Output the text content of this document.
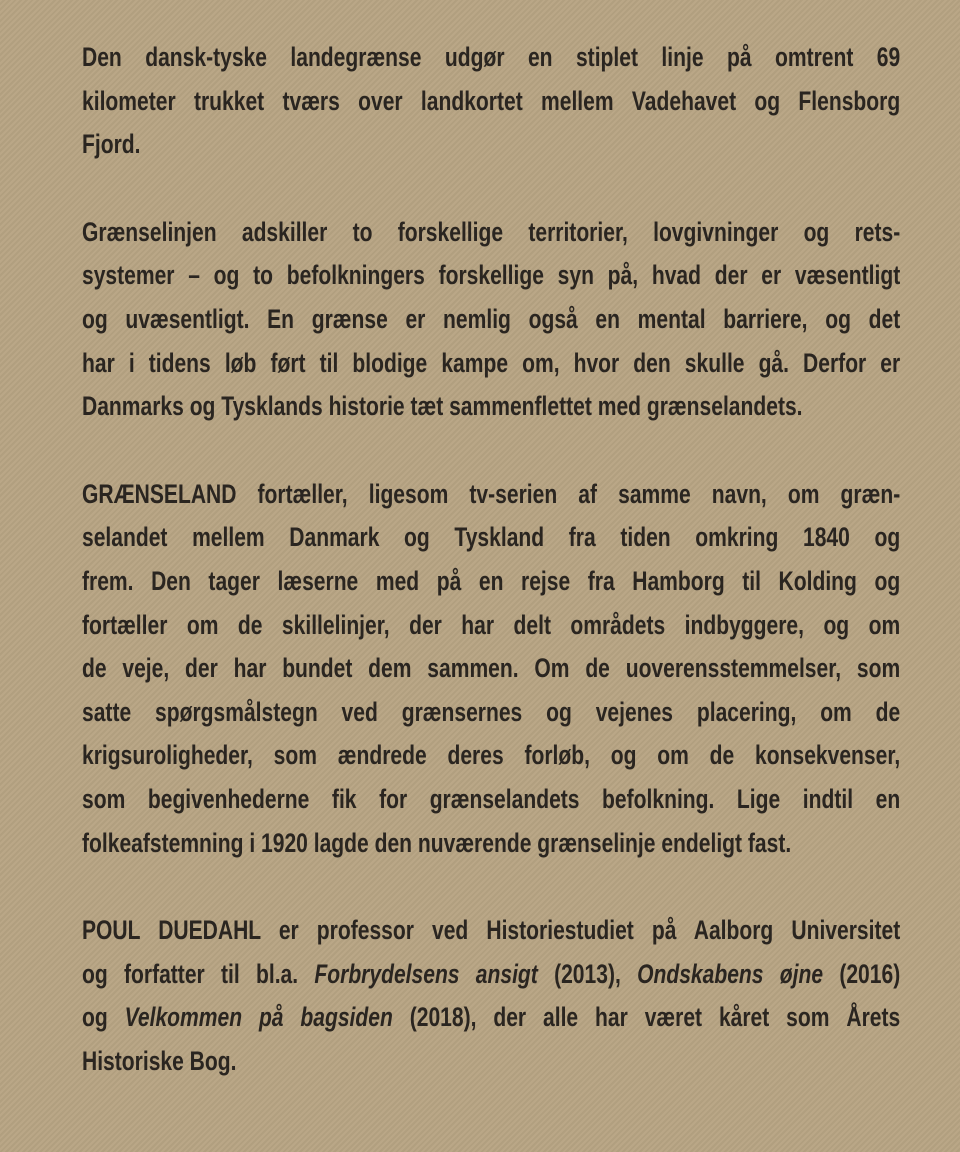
Den dansk-tyske landegrænse udgør en stiplet linje på omtrent 69
kilometer trukket tværs over landkortet mellem Vadehavet og Flensborg
Fjord.
Grænselinjen adskiller to forskellige territorier, lovgivninger og rets-
systemer – og to befolkningers forskellige syn på, hvad der er væsentligt
og uvæsentligt. En grænse er nemlig også en mental barriere, og det
har i tidens løb ført til blodige kampe om, hvor den skulle gå. Derfor er
Danmarks og Tysklands historie tæt sammenflettet med grænselandets.
GRÆNSELAND fortæller, ligesom tv-serien af samme navn, om græn-
selandet mellem Danmark og Tyskland fra tiden omkring 1840 og
frem. Den tager læserne med på en rejse fra Hamborg til Kolding og
fortæller om de skillelinjer, der har delt områdets indbyggere, og om
de veje, der har bundet dem sammen. Om de uoverensstemmelser, som
satte spørgsmålstegn ved grænsernes og vejenes placering, om de
krigsuroligheder, som ændrede deres forløb, og om de konsekvenser,
som begivenhederne fik for grænselandets befolkning. Lige indtil en
folkeafstemning i 1920 lagde den nuværende grænselinje endeligt fast.
POUL DUEDAHL er professor ved Historiestudiet på Aalborg Universitet
og forfatter til bl.a. Forbrydelsens ansigt (2013), Ondskabens øjne (2016)
og Velkommen på bagsiden (2018), der alle har været kåret som Årets
Historiske Bog.
